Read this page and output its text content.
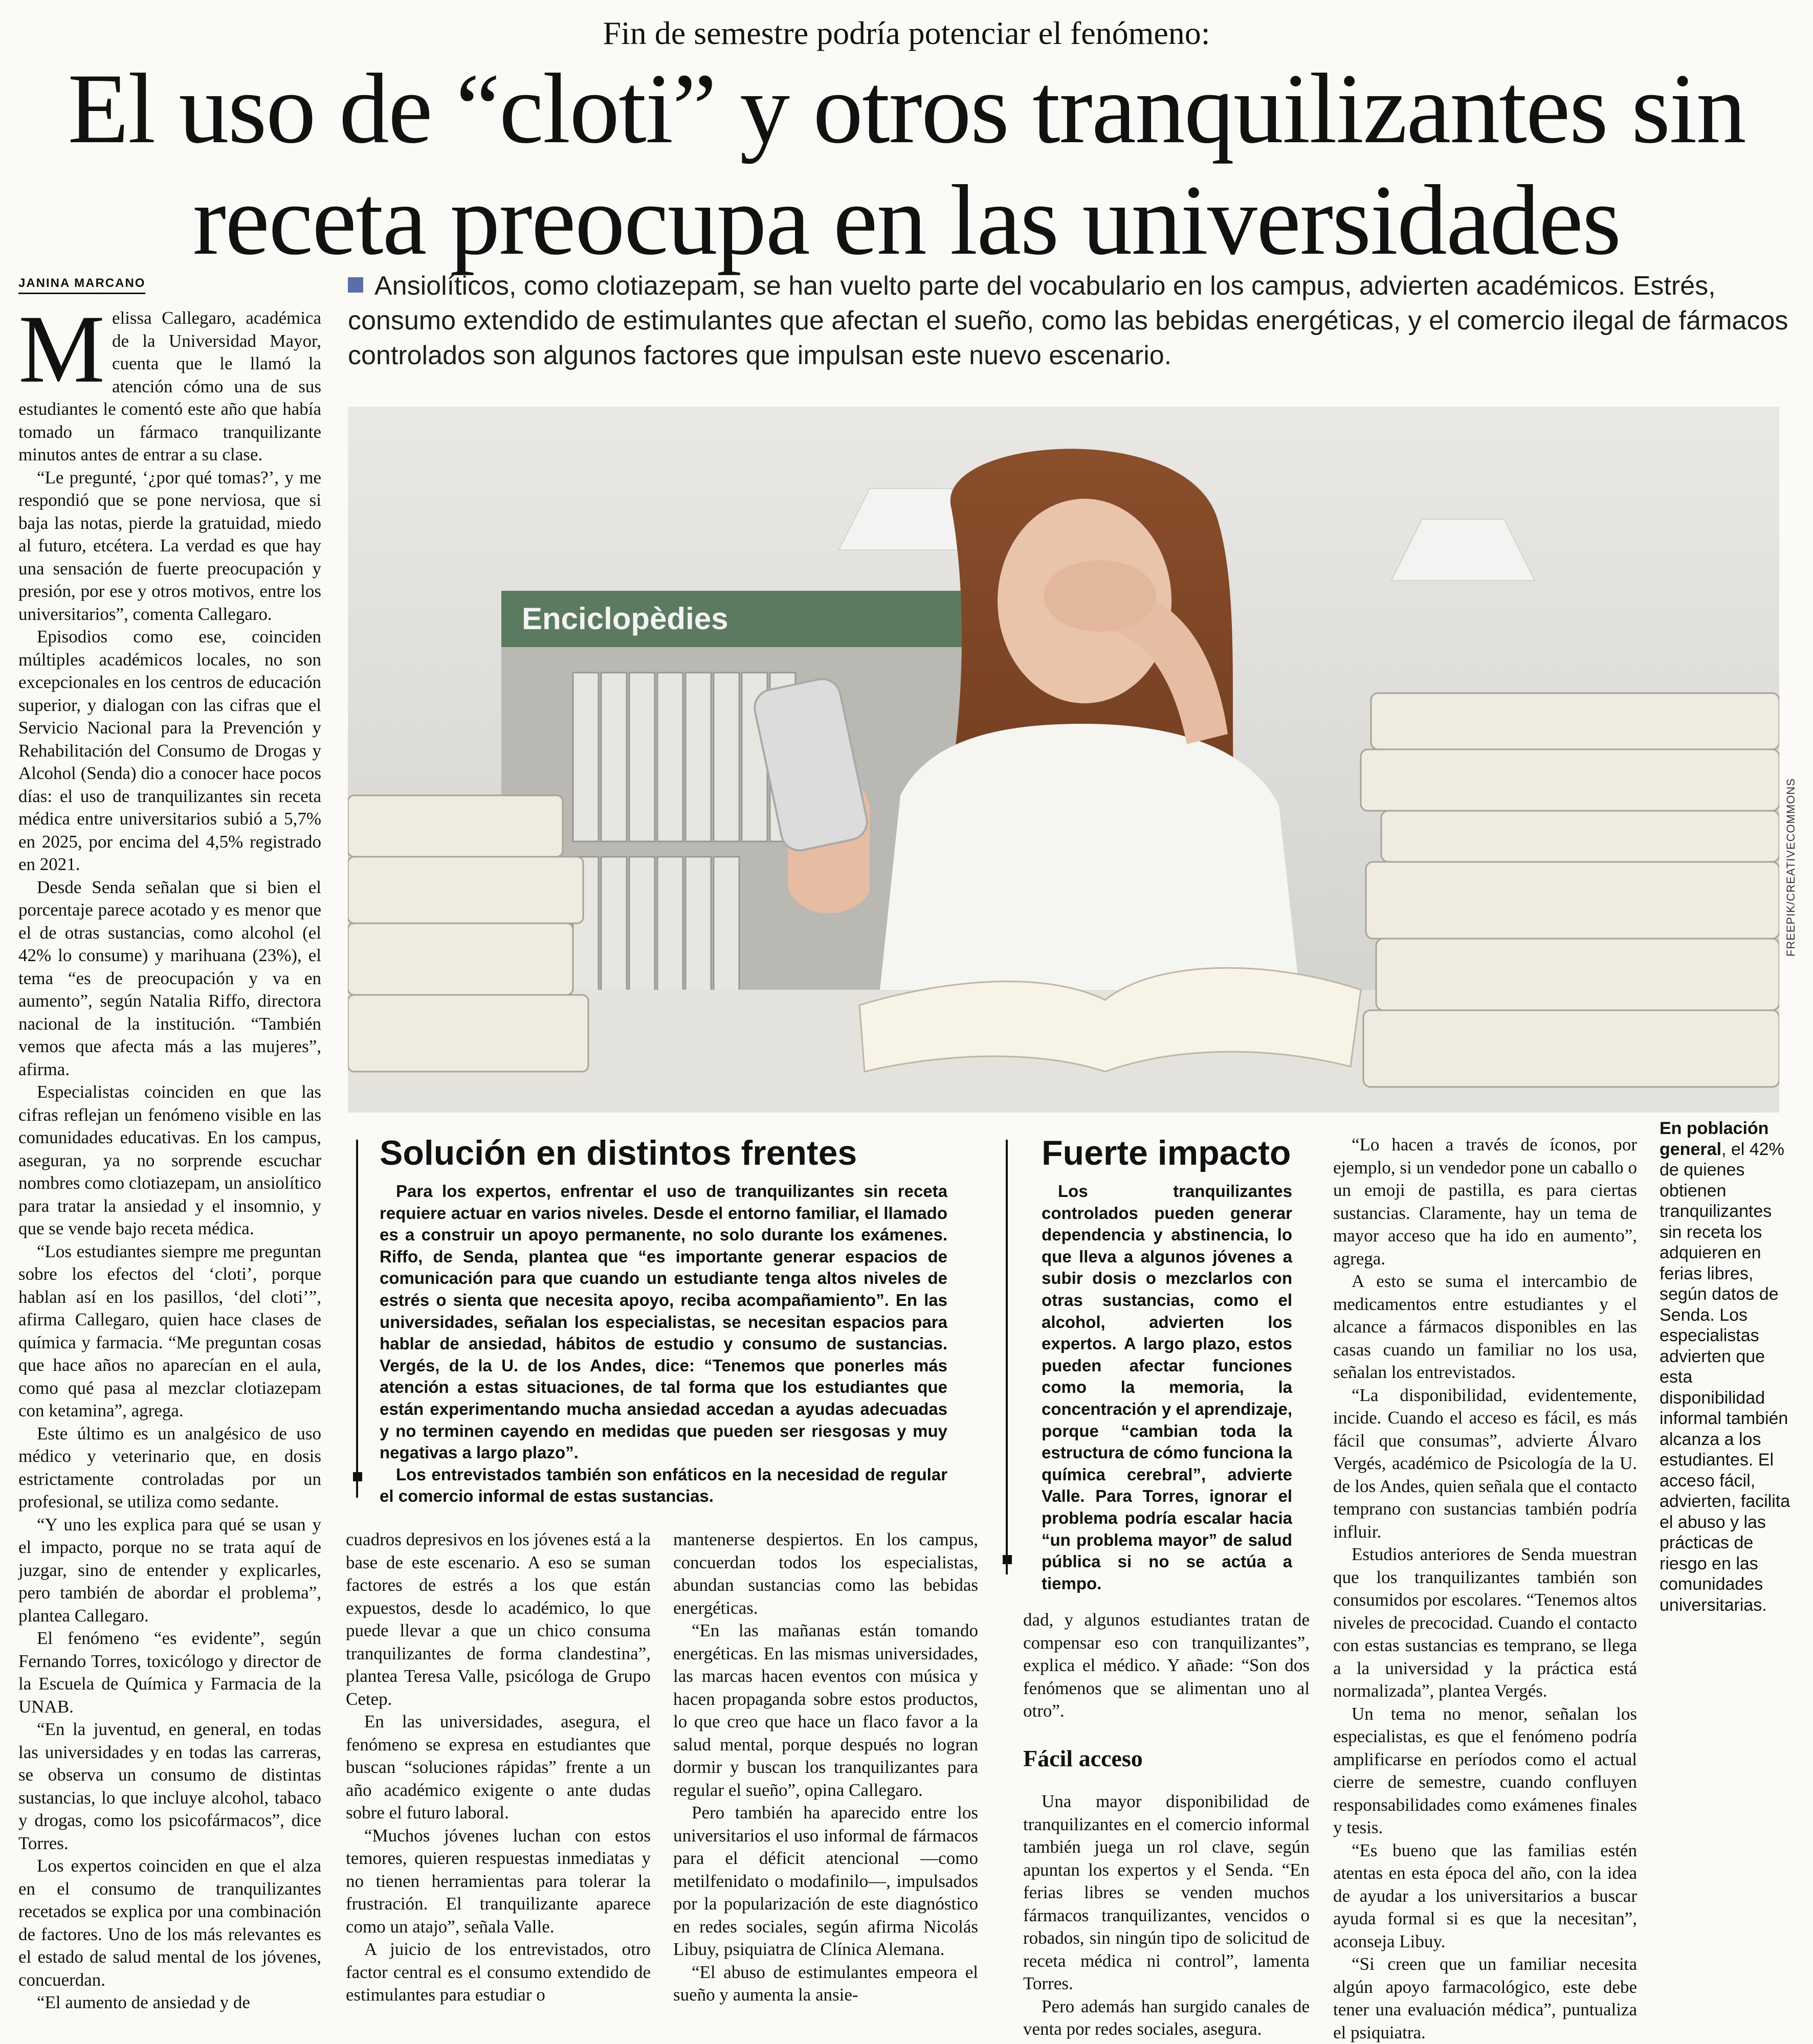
Fin de semestre podría potenciar el fenómeno:
El uso de “cloti” y otros tranquilizantes sin
receta preocupa en las universidades
JANINA MARCANO	Ansiolíticos, como clotiazepam, se han vuelto parte del vocabulario en los campus, advierten académicos. Estrés, consumo extendido de estimulantes que afectan el sueño, como las bebidas energéticas, y el comercio ilegal de fármacos controlados son algunos factores que impulsan este nuevo escenario.
M elissa Callegaro, académica de la Universidad Mayor, cuenta que le llamó la atención cómo una de sus estudiantes le comentó este año que había tomado un fármaco tranquilizante minutos antes de entrar a su clase.

“Le pregunté, ‘¿por qué tomas?’, y me respondió que se pone nerviosa, que si baja las notas, pierde la gratuidad, miedo al futuro, etcétera. La verdad es que hay una sensación de fuerte preocupación y presión, por ese y otros motivos, entre los universitarios”, comenta Callegaro.

Episodios como ese, coinciden múltiples académicos locales, no son excepcionales en los centros de educación superior, y dialogan con las cifras que el Servicio Nacional para la Prevención y Rehabilitación del Consumo de Drogas y Alcohol (Senda) dio a conocer hace pocos días: el uso de tranquilizantes sin receta médica entre universitarios subió a 5,7% en 2025, por encima del 4,5% registrado en 2021.

Desde Senda señalan que si bien el porcentaje parece acotado y es menor que el de otras sustancias, como alcohol (el 42% lo consume) y marihuana (23%), el tema “es de preocupación y va en aumento”, según Natalia Riffo, directora nacional de la institución. “También vemos que afecta más a las mujeres”, afirma.

Especialistas coinciden en que las cifras reflejan un fenómeno visible en las comunidades educativas. En los campus, aseguran, ya no sorprende escuchar nombres como clotiazepam, un ansiolítico para tratar la ansiedad y el insomnio, y que se vende bajo receta médica.

“Los estudiantes siempre me preguntan sobre los efectos del ‘cloti’, porque hablan así en los pasillos, ‘del cloti’”, afirma Callegaro, quien hace clases de química y farmacia. “Me preguntan cosas que hace años no aparecían en el aula, como qué pasa al mezclar clotiazepam con ketamina”, agrega.

Este último es un analgésico de uso médico y veterinario que, en dosis estrictamente controladas por un profesional, se utiliza como sedante.

“Y uno les explica para qué se usan y el impacto, porque no se trata aquí de juzgar, sino de entender y explicarles, pero también de abordar el problema”, plantea Callegaro.

El fenómeno “es evidente”, según Fernando Torres, toxicólogo y director de la Escuela de Química y Farmacia de la UNAB.

“En la juventud, en general, en todas las universidades y en todas las carreras, se observa un consumo de distintas sustancias, lo que incluye alcohol, tabaco y drogas, como los psicofármacos”, dice Torres.

Los expertos coinciden en que el alza en el consumo de tranquilizantes recetados se explica por una combinación de factores. Uno de los más relevantes es el estado de salud mental de los jóvenes, concuerdan.

“El aumento de ansiedad y de

Enciclopèdies
FREEPIK/CREATIVECOMMONS
Solución en distintos frentes

Para los expertos, enfrentar el uso de tranquilizantes sin receta requiere actuar en varios niveles. Desde el entorno familiar, el llamado es a construir un apoyo permanente, no solo durante los exámenes. Riffo, de Senda, plantea que “es importante generar espacios de comunicación para que cuando un estudiante tenga altos niveles de estrés o sienta que necesita apoyo, reciba acompañamiento”. En las universidades, señalan los especialistas, se necesitan espacios para hablar de ansiedad, hábitos de estudio y consumo de sustancias. Vergés, de la U. de los Andes, dice: “Tenemos que ponerles más atención a estas situaciones, de tal forma que los estudiantes que están experimentando mucha ansiedad accedan a ayudas adecuadas y no terminen cayendo en medidas que pueden ser riesgosas y muy negativas a largo plazo”.

Los entrevistados también son enfáticos en la necesidad de regular el comercio informal de estas sustancias.

cuadros depresivos en los jóvenes está a la base de este escenario. A eso se suman factores de estrés a los que están expuestos, desde lo académico, lo que puede llevar a que un chico consuma tranquilizantes de forma clandestina”, plantea Teresa Valle, psicóloga de Grupo Cetep.

En las universidades, asegura, el fenómeno se expresa en estudiantes que buscan “soluciones rápidas” frente a un año académico exigente o ante dudas sobre el futuro laboral.

“Muchos jóvenes luchan con estos temores, quieren respuestas inmediatas y no tienen herramientas para tolerar la frustración. El tranquilizante aparece como un atajo”, señala Valle.

A juicio de los entrevistados, otro factor central es el consumo extendido de estimulantes para estudiar o

mantenerse despiertos. En los campus, concuerdan todos los especialistas, abundan sustancias como las bebidas energéticas.

“En las mañanas están tomando energéticas. En las mismas universidades, las marcas hacen eventos con música y hacen propaganda sobre estos productos, lo que creo que hace un flaco favor a la salud mental, porque después no logran dormir y buscan los tranquilizantes para regular el sueño”, opina Callegaro.

Pero también ha aparecido entre los universitarios el uso informal de fármacos para el déficit atencional —como metilfenidato o modafinilo—, impulsados por la popularización de este diagnóstico en redes sociales, según afirma Nicolás Libuy, psiquiatra de Clínica Alemana.

“El abuso de estimulantes empeora el sueño y aumenta la ansie-

Fuerte impacto

Los tranquilizantes controlados pueden generar dependencia y abstinencia, lo que lleva a algunos jóvenes a subir dosis o mezclarlos con otras sustancias, como el alcohol, advierten los expertos. A largo plazo, estos pueden afectar funciones como la memoria, la concentración y el aprendizaje, porque “cambian toda la estructura de cómo funciona la química cerebral”, advierte Valle. Para Torres, ignorar el problema podría escalar hacia “un problema mayor” de salud pública si no se actúa a tiempo.

dad, y algunos estudiantes tratan de compensar eso con tranquilizantes”, explica el médico. Y añade: “Son dos fenómenos que se alimentan uno al otro”.

Fácil acceso

Una mayor disponibilidad de tranquilizantes en el comercio informal también juega un rol clave, según apuntan los expertos y el Senda. “En ferias libres se venden muchos fármacos tranquilizantes, vencidos o robados, sin ningún tipo de solicitud de receta médica ni control”, lamenta Torres.

Pero además han surgido canales de venta por redes sociales, asegura.

“Lo hacen a través de íconos, por ejemplo, si un vendedor pone un caballo o un emoji de pastilla, es para ciertas sustancias. Claramente, hay un tema de mayor acceso que ha ido en aumento”, agrega.

A esto se suma el intercambio de medicamentos entre estudiantes y el alcance a fármacos disponibles en las casas cuando un familiar no los usa, señalan los entrevistados.

“La disponibilidad, evidentemente, incide. Cuando el acceso es fácil, es más fácil que consumas”, advierte Álvaro Vergés, académico de Psicología de la U. de los Andes, quien señala que el contacto temprano con sustancias también podría influir.

Estudios anteriores de Senda muestran que los tranquilizantes también son consumidos por escolares. “Tenemos altos niveles de precocidad. Cuando el contacto con estas sustancias es temprano, se llega a la universidad y la práctica está normalizada”, plantea Vergés.

Un tema no menor, señalan los especialistas, es que el fenómeno podría amplificarse en períodos como el actual cierre de semestre, cuando confluyen responsabilidades como exámenes finales y tesis.

“Es bueno que las familias estén atentas en esta época del año, con la idea de ayudar a los universitarios a buscar ayuda formal si es que la necesitan”, aconseja Libuy.

“Si creen que un familiar necesita algún apoyo farmacológico, este debe tener una evaluación médica”, puntualiza el psiquiatra.

En población general, el 42% de quienes obtienen tranquilizantes sin receta los adquieren en ferias libres, según datos de Senda. Los especialistas advierten que esta disponibilidad informal también alcanza a los estudiantes. El acceso fácil, advierten, facilita el abuso y las prácticas de riesgo en las comunidades universitarias.
